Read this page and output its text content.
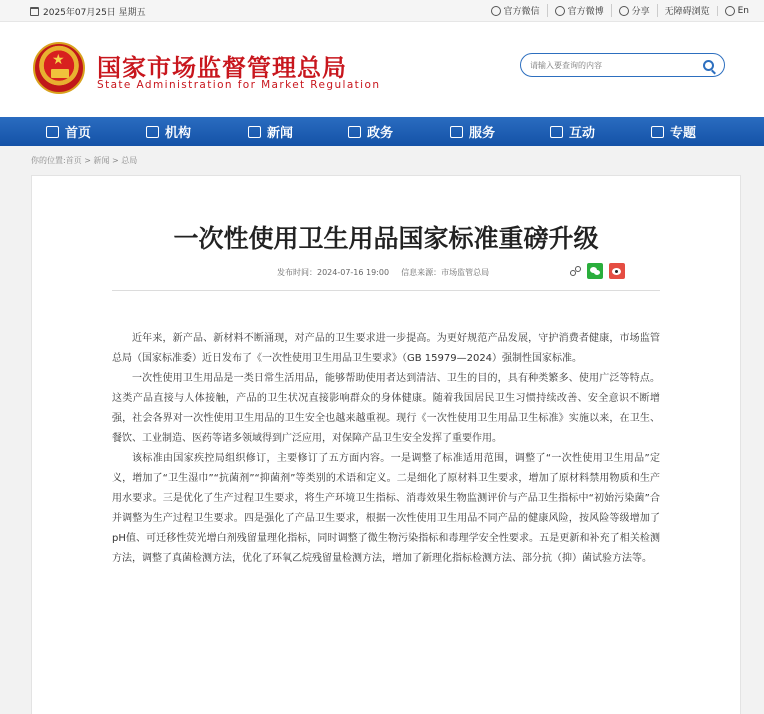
2025年07月25日 星期五	官方微信	官方微博	分享 无障碍浏览	En
★ 国家市场监督管理总局
State Administration for Market Regulation
请输入要查询的内容
首页	机构	新闻	政务	服务	互动	专题
你的位置:首页 > 新闻 > 总局
一次性使用卫生用品国家标准重磅升级
发布时间：2024-07-16 19:00 信息来源：市场监管总局

近年来，新产品、新材料不断涌现，对产品的卫生要求进一步提高。为更好规范产品发展，守护消费者健康，市场监管总局（国家标准委）近日发布了《一次性使用卫生用品卫生要求》（GB 15979—2024）强制性国家标准。

一次性使用卫生用品是一类日常生活用品，能够帮助使用者达到清洁、卫生的目的，具有种类繁多、使用广泛等特点。这类产品直接与人体接触，产品的卫生状况直接影响群众的身体健康。随着我国居民卫生习惯持续改善、安全意识不断增强，社会各界对一次性使用卫生用品的卫生安全也越来越重视。现行《一次性使用卫生用品卫生标准》实施以来，在卫生、餐饮、工业制造、医药等诸多领域得到广泛应用，对保障产品卫生安全发挥了重要作用。

该标准由国家疾控局组织修订，主要修订了五方面内容。一是调整了标准适用范围，调整了“一次性使用卫生用品”定义，增加了“卫生湿巾”“抗菌剂”“抑菌剂”等类别的术语和定义。二是细化了原材料卫生要求，增加了原材料禁用物质和生产用水要求。三是优化了生产过程卫生要求，将生产环境卫生指标、消毒效果生物监测评价与产品卫生指标中“初始污染菌”合并调整为生产过程卫生要求。四是强化了产品卫生要求，根据一次性使用卫生用品不同产品的健康风险，按风险等级增加了pH值、可迁移性荧光增白剂残留量理化指标，同时调整了微生物污染指标和毒理学安全性要求。五是更新和补充了相关检测方法，调整了真菌检测方法，优化了环氧乙烷残留量检测方法，增加了新理化指标检测方法、部分抗（抑）菌试验方法等。
